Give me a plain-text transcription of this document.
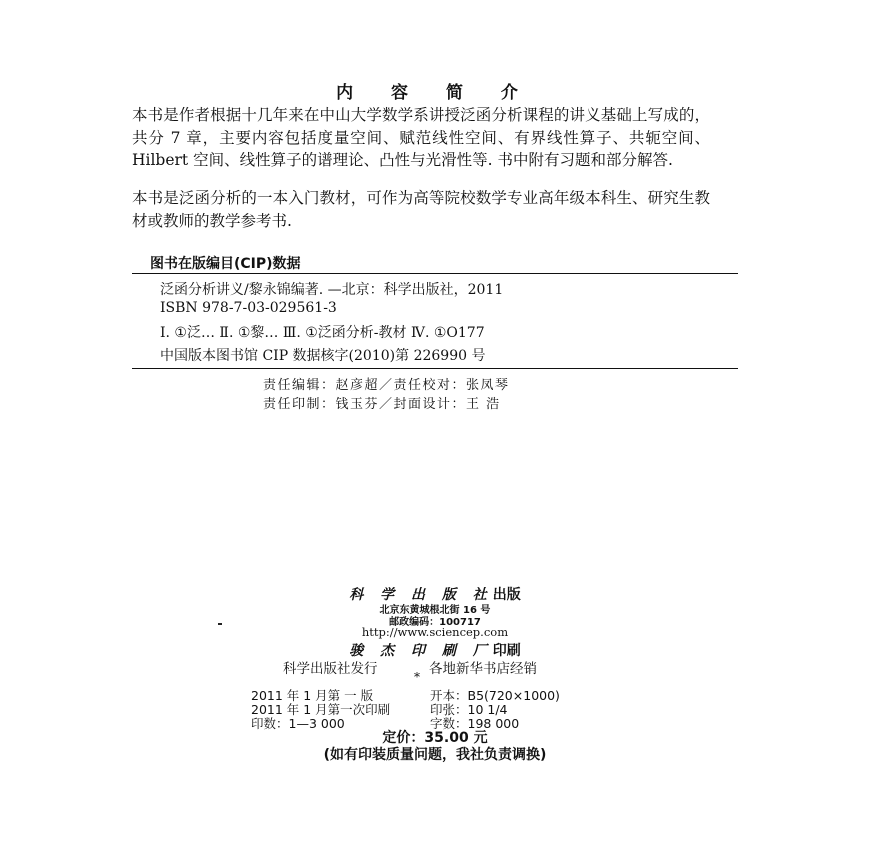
内 容 简 介

本书是作者根据十几年来在中山大学数学系讲授泛函分析课程的讲义基础上写成的，共分 7 章，主要内容包括度量空间、赋范线性空间、有界线性算子、共轭空间、Hilbert 空间、线性算子的谱理论、凸性与光滑性等. 书中附有习题和部分解答.

本书是泛函分析的一本入门教材，可作为高等院校数学专业高年级本科生、研究生教材或教师的教学参考书.

图书在版编目(CIP)数据
泛函分析讲义/黎永锦编著. —北京：科学出版社，2011
ISBN 978-7-03-029561-3
Ⅰ. ①泛… Ⅱ. ①黎… Ⅲ. ①泛函分析-教材 Ⅳ. ①O177
中国版本图书馆 CIP 数据核字(2010)第 226990 号
责任编辑：赵彦超／责任校对：张凤琴
责任印制：钱玉芬／封面设计：王 浩
科 学 出 版 社出版
北京东黄城根北街 16 号
邮政编码：100717
http://www.sciencep.com
骏 杰 印 刷 厂印刷
科学出版社发行	各地新华书店经销
*
2011 年 1 月第 一 版	开本：B5(720×1000)
2011 年 1 月第一次印刷	印张：10 1/4
印数：1—3 000	字数：198 000
定价：35.00 元
(如有印装质量问题，我社负责调换)
